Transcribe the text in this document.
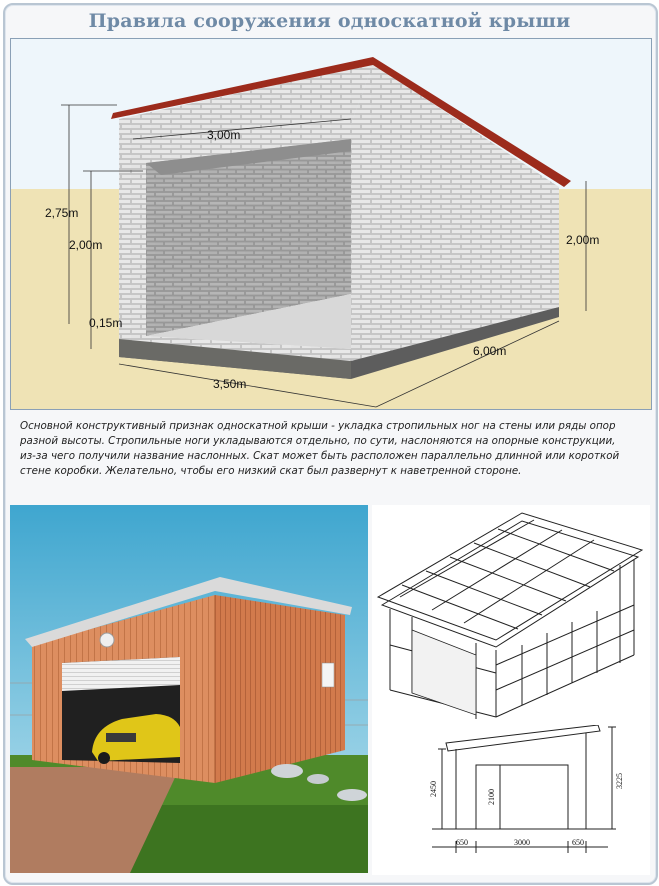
Правила сооружения односкатной крыши
3,00m
2,75m
2,00m
0,15m
2,00m
3,50m
6,00m
Основной конструктивный признак односкатной крыши - укладка стропильных ног на стены или ряды опор разной высоты. Стропильные ноги укладываются отдельно, по сути, наслоняются на опорные конструкции, из-за чего получили название наслонных. Скат может быть расположен параллельно длинной или короткой стене коробки. Желательно, чтобы его низкий скат был развернут к наветренной стороне.
2450	2100
3225
650	3000	650
